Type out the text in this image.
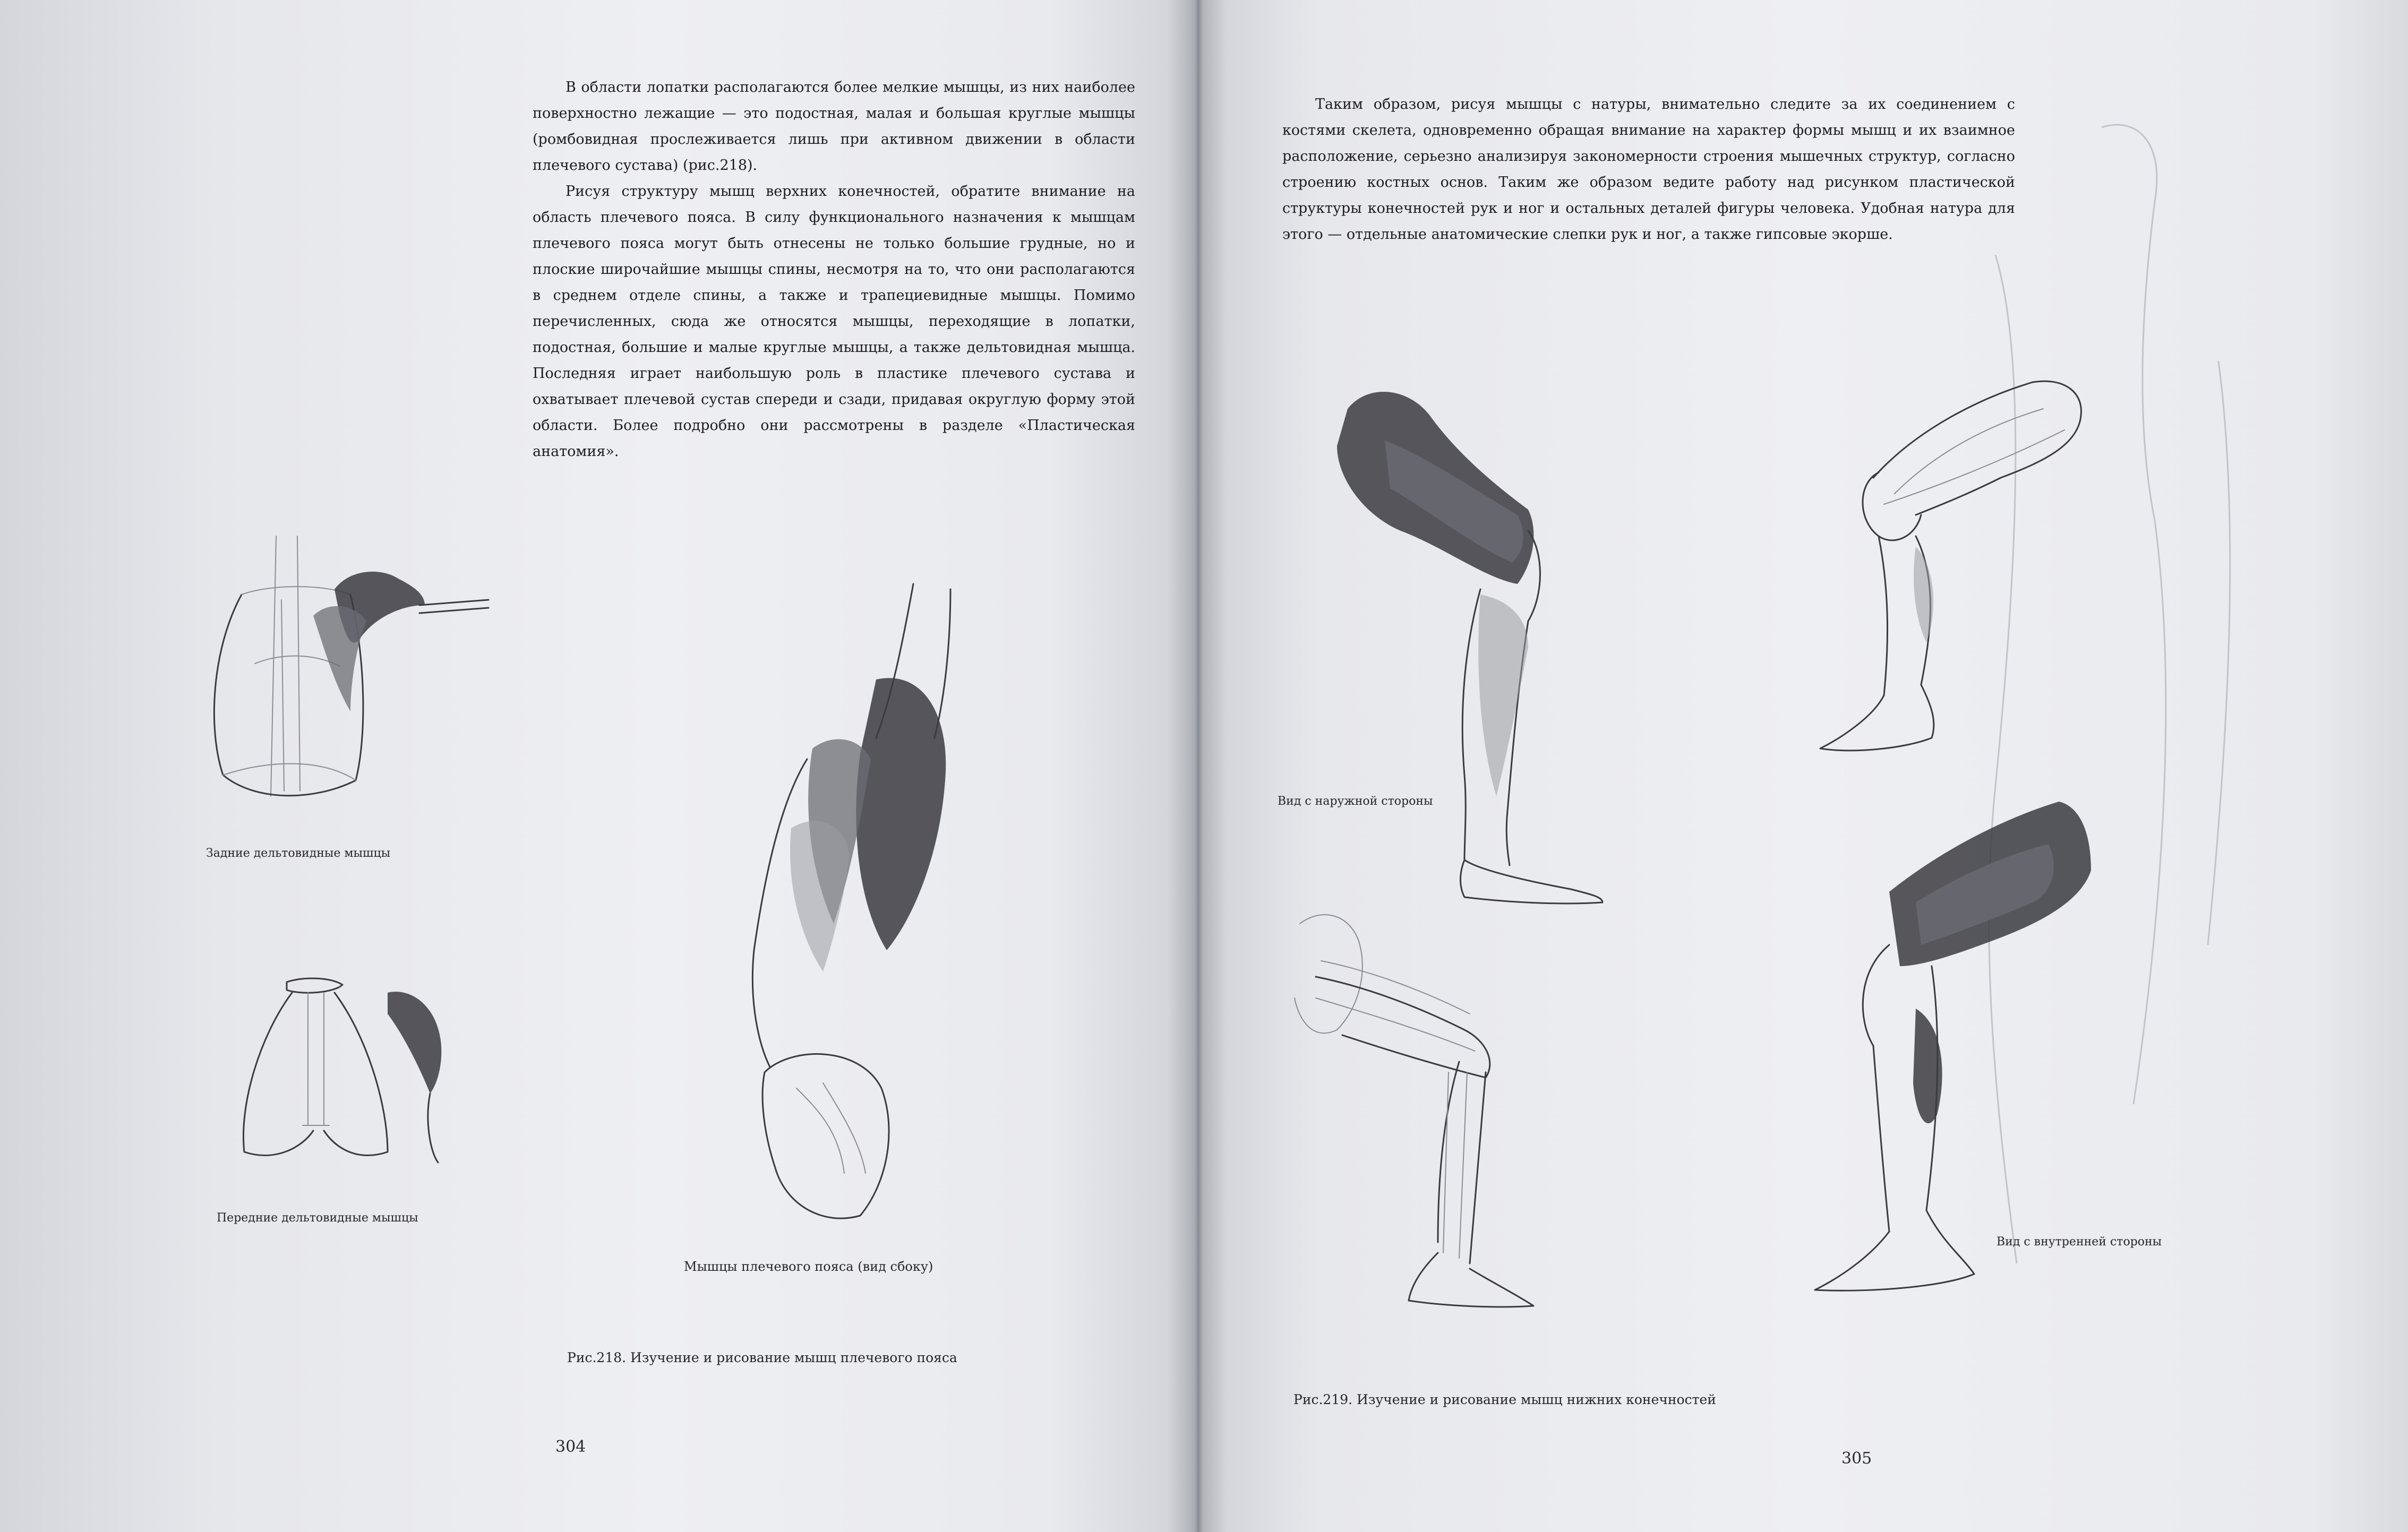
В области лопатки располагаются более мелкие мышцы, из них наиболее поверхностно лежащие — это подостная, малая и большая круглые мышцы (ромбовидная прослеживается лишь при активном движении в области плечевого сустава) (рис.218).

Рисуя структуру мышц верхних конечностей, обратите внимание на область плечевого пояса. В силу функционального назначения к мышцам плечевого пояса могут быть отнесены не только большие грудные, но и плоские широчайшие мышцы спины, несмотря на то, что они располагаются в среднем отделе спины, а также и трапециевидные мышцы. Помимо перечисленных, сюда же относятся мышцы, переходящие в лопатки, подостная, большие и малые круглые мышцы, а также дельтовидная мышца. Последняя играет наибольшую роль в пластике плечевого сустава и охватывает плечевой сустав спереди и сзади, придавая округлую форму этой области. Более подробно они рассмотрены в разделе «Пластическая анатомия».

Задние дельтовидные мышцы

Передние дельтовидные мышцы

Мышцы плечевого пояса (вид сбоку)

Рис.218. Изучение и рисование мышц плечевого пояса

304

Таким образом, рисуя мышцы с натуры, внимательно следите за их соединением с костями скелета, одновременно обращая внимание на характер формы мышц и их взаимное расположение, серьезно анализируя закономерности строения мышечных структур, согласно строению костных основ. Таким же образом ведите работу над рисунком пластической структуры конечностей рук и ног и остальных деталей фигуры человека. Удобная натура для этого — отдельные анатомические слепки рук и ног, а также гипсовые экорше.

Вид с наружной стороны

Вид с внутренней стороны

Рис.219. Изучение и рисование мышц нижних конечностей

305
